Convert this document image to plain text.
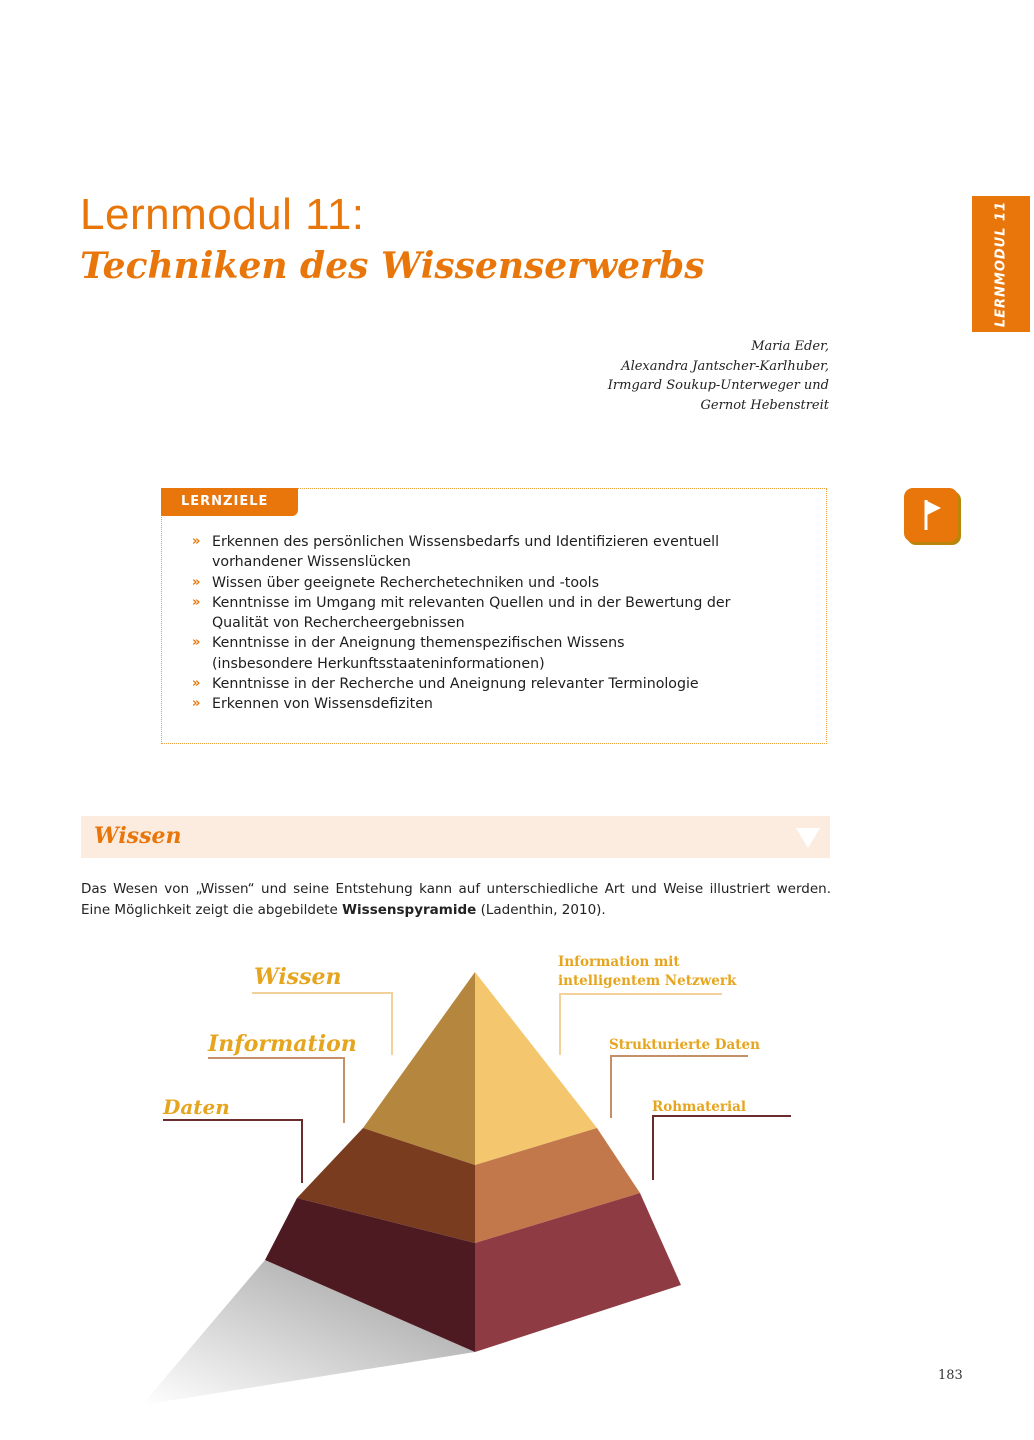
Lernmodul 11:
Techniken des Wissenserwerbs	LERNMODUL 11
Maria Eder,
Alexandra Jantscher-Karlhuber,
Irmgard Soukup-Unterweger und
Gernot Hebenstreit
LERNZIELE
» Erkennen des persönlichen Wissensbedarfs und Identifizieren eventuell
vorhandener Wissenslücken
» Wissen über geeignete Recherchetechniken und -tools
» Kenntnisse im Umgang mit relevanten Quellen und in der Bewertung der
Qualität von Rechercheergebnissen
» Kenntnisse in der Aneignung themenspezifischen Wissens
(insbesondere Herkunftsstaateninformationen)
» Kenntnisse in der Recherche und Aneignung relevanter Terminologie
» Erkennen von Wissensdefiziten
Wissen
Das Wesen von „Wissen“ und seine Entstehung kann auf unterschiedliche Art und Weise illustriert werden. Eine Möglichkeit zeigt die abgebildete Wissenspyramide (Ladenthin, 2010).
Wissen
Information
Daten
Information mit
intelligentem Netzwerk
Strukturierte Daten
Rohmaterial
183
